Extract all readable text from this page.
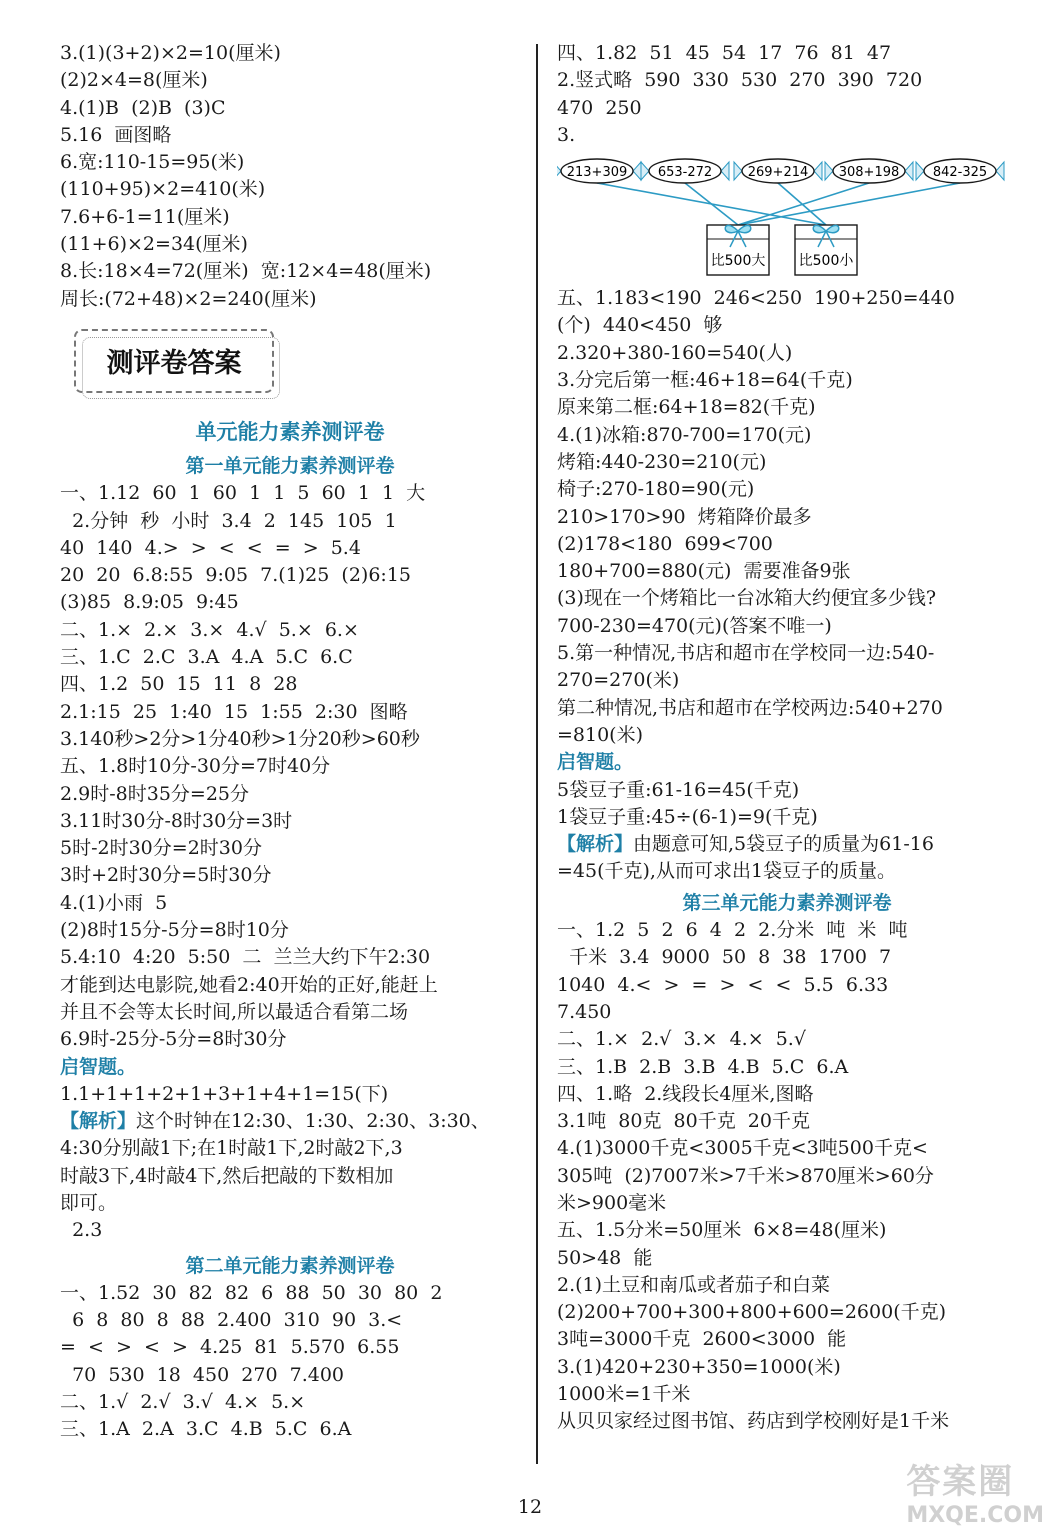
3.(1)(3+2)×2=10(厘米)
(2)2×4=8(厘米)
4.(1)B  (2)B  (3)C
5.16  画图略
6.宽:110-15=95(米)
(110+95)×2=410(米)
7.6+6-1=11(厘米)
(11+6)×2=34(厘米)
8.长:18×4=72(厘米)  宽:12×4=48(厘米)
周长:(72+48)×2=240(厘米)
测评卷答案
单元能力素养测评卷
第一单元能力素养测评卷
一、1.12  60  1  60  1  1  5  60  1  1  大
2.分钟  秒  小时  3.4  2  145  105  1
40  140  4.>  >  <  <  =  >  5.4
20  20  6.8:55  9:05  7.(1)25  (2)6:15
(3)85  8.9:05  9:45
二、1.×  2.×  3.×  4.√  5.×  6.×
三、1.C  2.C  3.A  4.A  5.C  6.C
四、1.2  50  15  11  8  28
2.1:15  25  1:40  15  1:55  2:30  图略
3.140秒>2分>1分40秒>1分20秒>60秒
五、1.8时10分-30分=7时40分
2.9时-8时35分=25分
3.11时30分-8时30分=3时
5时-2时30分=2时30分
3时+2时30分=5时30分
4.(1)小雨  5
(2)8时15分-5分=8时10分
5.4:10  4:20  5:50  二  兰兰大约下午2:30
才能到达电影院,她看2:40开始的正好,能赶上
并且不会等太长时间,所以最适合看第二场
6.9时-25分-5分=8时30分
启智题。
1.1+1+1+2+1+3+1+4+1=15(下)
【解析】这个时钟在12:30、1:30、2:30、3:30、
4:30分别敲1下;在1时敲1下,2时敲2下,3
时敲3下,4时敲4下,然后把敲的下数相加
即可。
2.3
第二单元能力素养测评卷
一、1.52  30  82  82  6  88  50  30  80  2
6  8  80  8  88  2.400  310  90  3.<
=  <  >  <  >  4.25  81  5.570  6.55
70  530  18  450  270  7.400
二、1.√  2.√  3.√  4.×  5.×
三、1.A  2.A  3.C  4.B  5.C  6.A
四、1.82  51  45  54  17  76  81  47
2.竖式略  590  330  530  270  390  720
470  250
3.
213+309 653-272	269+214 308+198	842-325
比500大 比500小
五、1.183<190  246<250  190+250=440
(个)  440<450  够
2.320+380-160=540(人)
3.分完后第一框:46+18=64(千克)
原来第二框:64+18=82(千克)
4.(1)冰箱:870-700=170(元)
烤箱:440-230=210(元)
椅子:270-180=90(元)
210>170>90  烤箱降价最多
(2)178<180  699<700
180+700=880(元)  需要准备9张
(3)现在一个烤箱比一台冰箱大约便宜多少钱?
700-230=470(元)(答案不唯一)
5.第一种情况,书店和超市在学校同一边:540-
270=270(米)
第二种情况,书店和超市在学校两边:540+270
=810(米)
启智题。
5袋豆子重:61-16=45(千克)
1袋豆子重:45÷(6-1)=9(千克)
【解析】由题意可知,5袋豆子的质量为61-16
=45(千克),从而可求出1袋豆子的质量。
第三单元能力素养测评卷
一、1.2  5  2  6  4  2  2.分米  吨  米  吨
千米  3.4  9000  50  8  38  1700  7
1040  4.<  >  =  >  <  <  5.5  6.33
7.450
二、1.×  2.√  3.×  4.×  5.√
三、1.B  2.B  3.B  4.B  5.C  6.A
四、1.略  2.线段长4厘米,图略
3.1吨  80克  80千克  20千克
4.(1)3000千克<3005千克<3吨500千克<
305吨  (2)7007米>7千米>870厘米>60分
米>900毫米
五、1.5分米=50厘米  6×8=48(厘米)
50>48  能
2.(1)土豆和南瓜或者茄子和白菜
(2)200+700+300+800+600=2600(千克)
3吨=3000千克  2600<3000  能
3.(1)420+230+350=1000(米)
1000米=1千米
从贝贝家经过图书馆、药店到学校刚好是1千米
12
答案圈
MXQE.COM
